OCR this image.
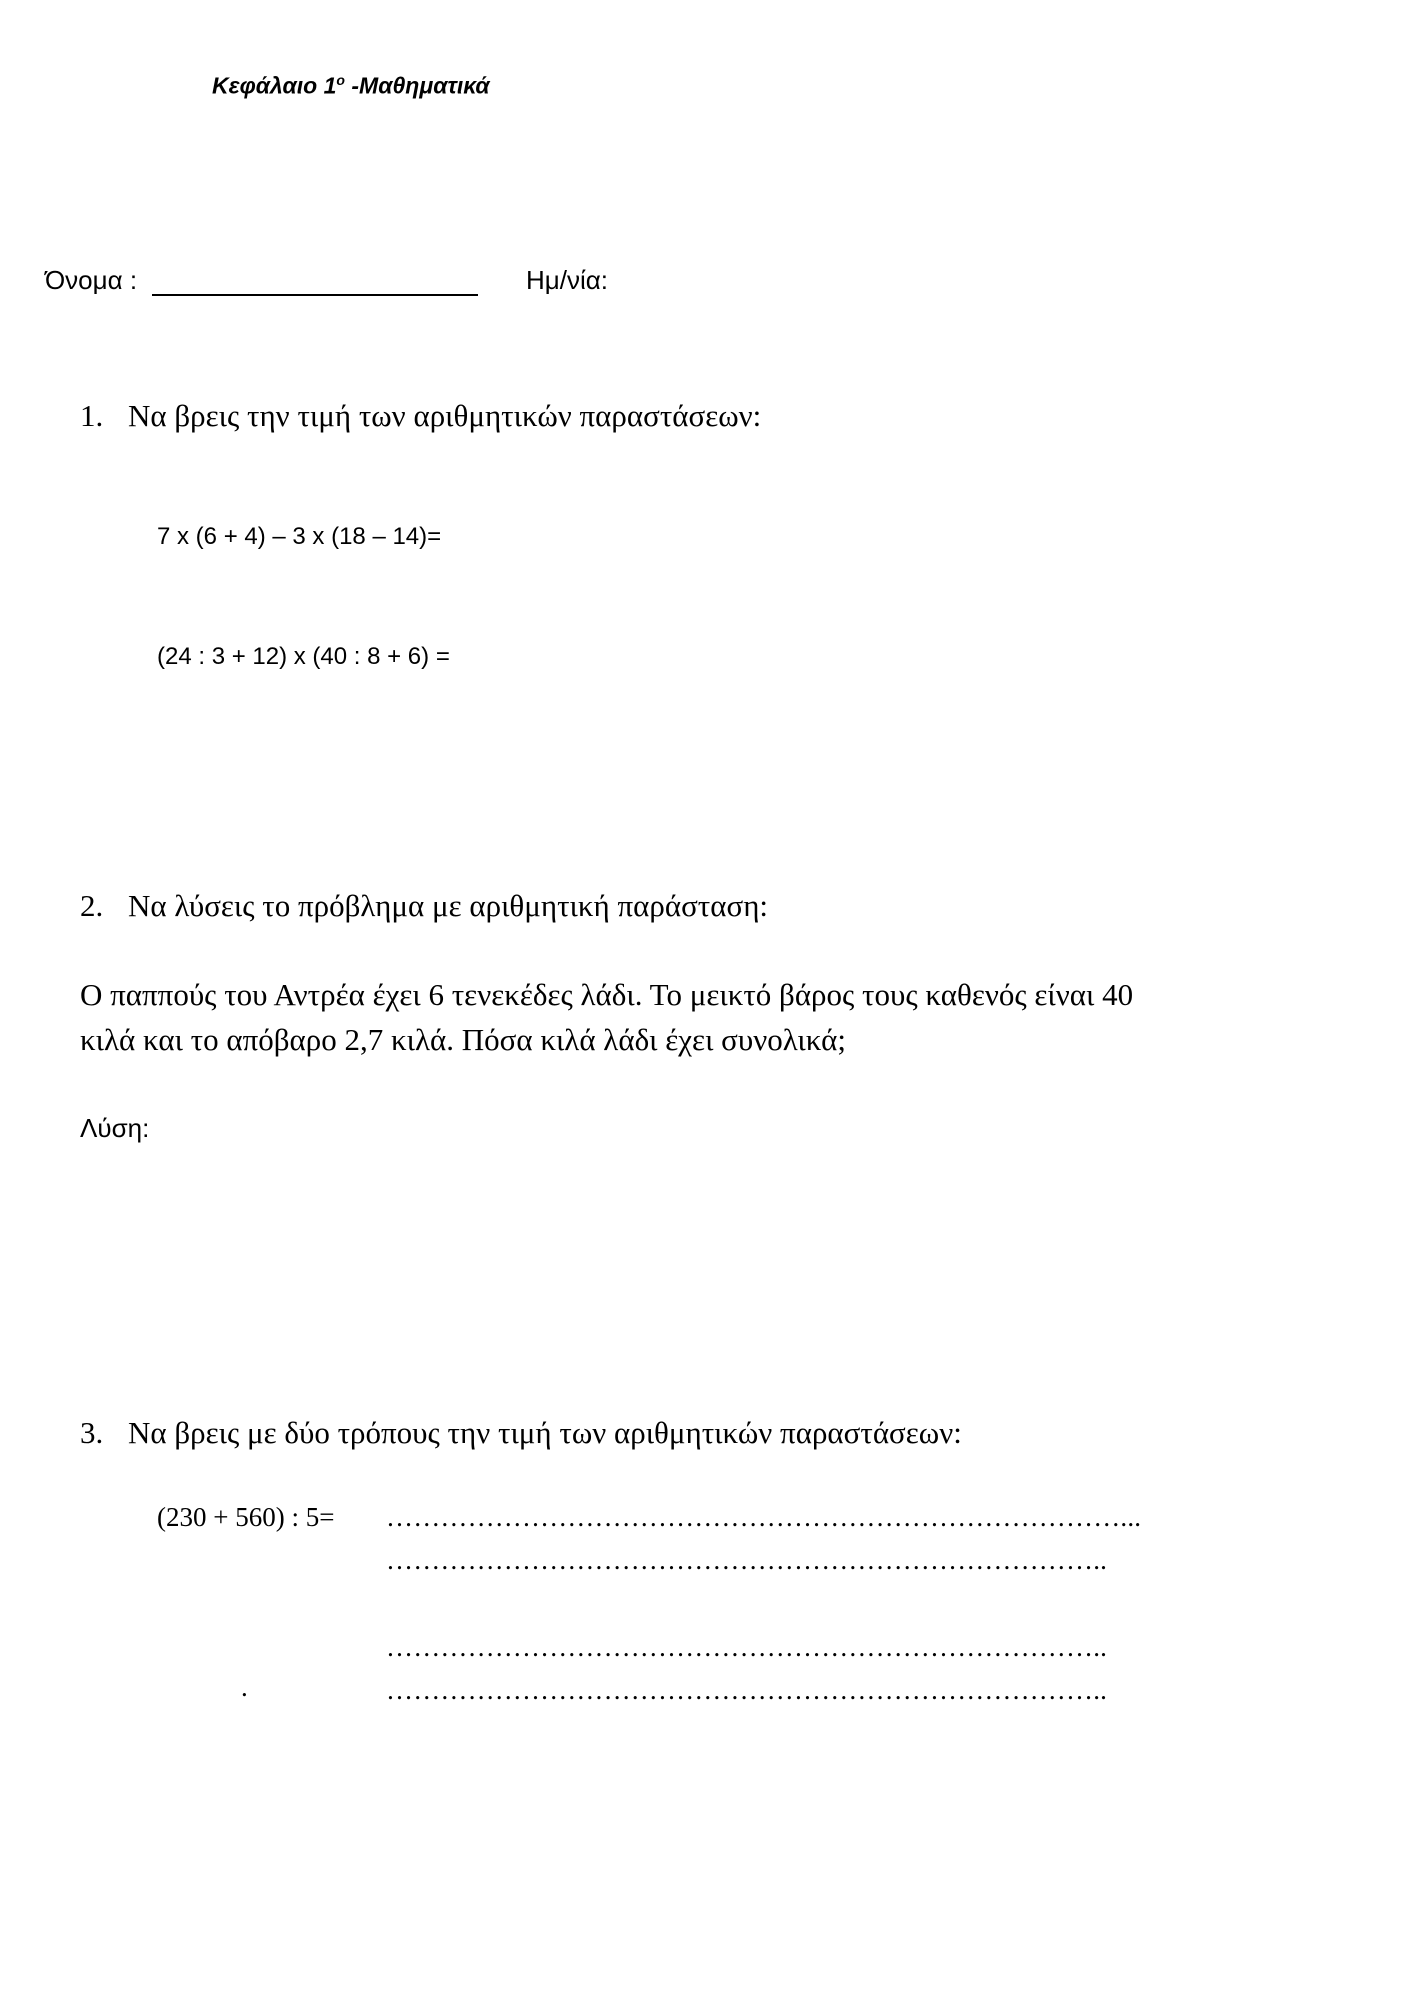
Κεφάλαιο $1^o$ -Μαθηματικά
Όνομα :	Ημ/νία:
1. Να βρεις την τιμή των αριθμητικών παραστάσεων:
7 x (6 + 4) – 3 x (18 – 14)=
(24 : 3 + 12) x (40 : 8 + 6) =
2. Να λύσεις το πρόβλημα με αριθμητική παράσταση:
Ο παππούς του Αντρέα έχει 6 τενεκέδες λάδι. Το μεικτό βάρος τους καθενός είναι 40
κιλά και το απόβαρο 2,7 κιλά. Πόσα κιλά λάδι έχει συνολικά;
Λύση:
3. Να βρεις με δύο τρόπους την τιμή των αριθμητικών παραστάσεων:
(230 + 560) : 5= ………………………………………………………………………...
……………………………………………………………………..
……………………………………………………………………..
……………………………………………………………………..
.
